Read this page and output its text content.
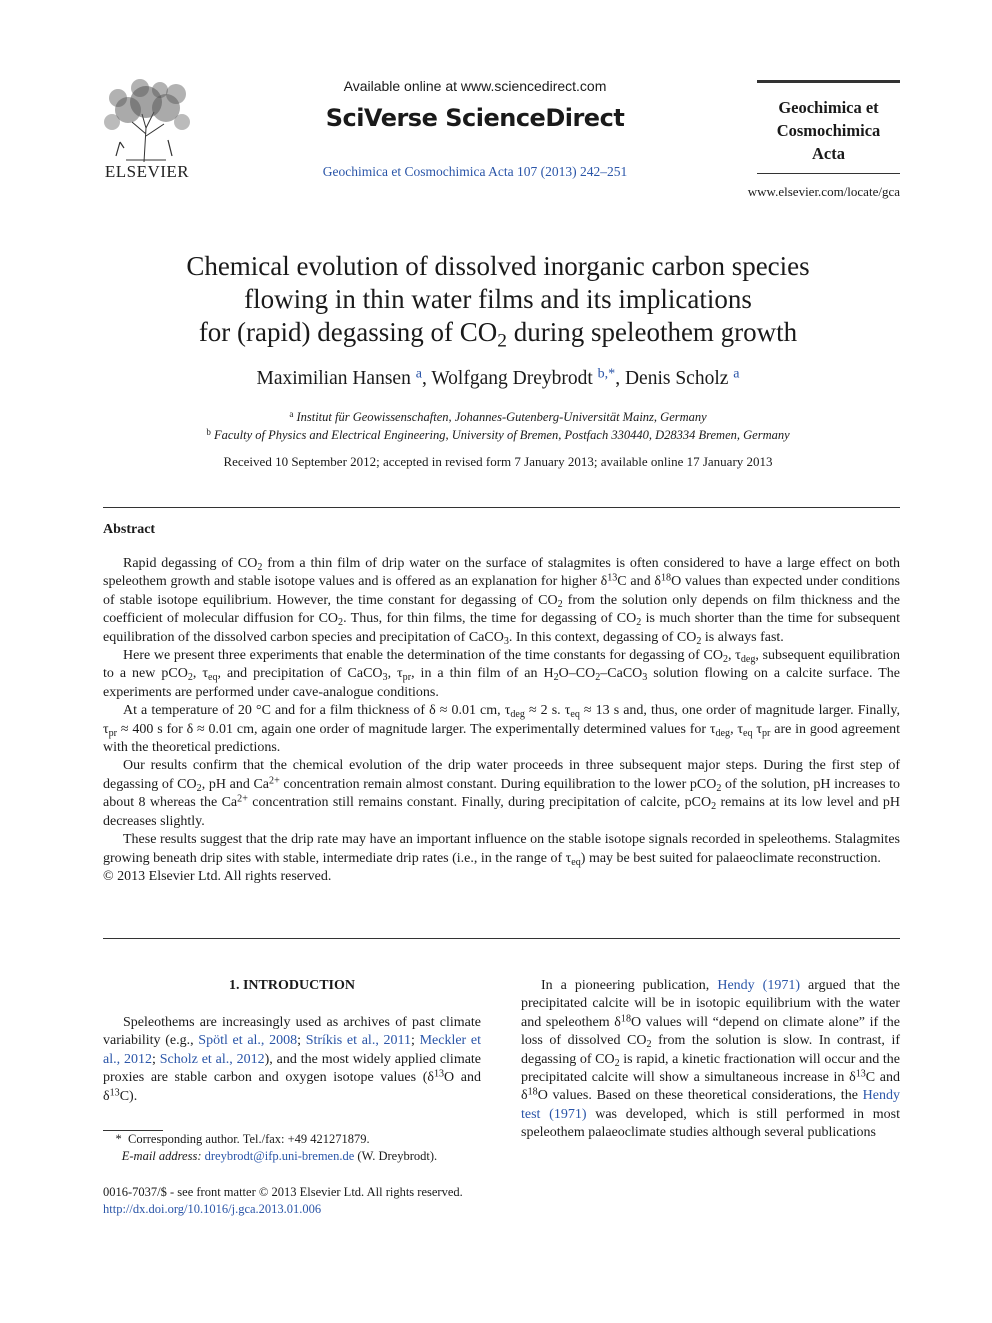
ELSEVIER
Available online at www.sciencedirect.com
SciVerse ScienceDirect
Geochimica et Cosmochimica Acta 107 (2013) 242–251
Geochimica et
Cosmochimica
Acta
www.elsevier.com/locate/gca
Chemical evolution of dissolved inorganic carbon species
flowing in thin water films and its implications
for (rapid) degassing of $CO_2$ during speleothem growth
Maximilian Hansen $^a$, Wolfgang Dreybrodt $^{b,*}$, Denis Scholz $^a$
$^a$ Institut für Geowissenschaften, Johannes-Gutenberg-Universität Mainz, Germany
$^b$ Faculty of Physics and Electrical Engineering, University of Bremen, Postfach 330440, D28334 Bremen, Germany
Received 10 September 2012; accepted in revised form 7 January 2013; available online 17 January 2013
Abstract

Rapid degassing of $CO_2$ from a thin film of drip water on the surface of stalagmites is often considered to have a large effect on both speleothem growth and stable isotope values and is offered as an explanation for higher $\delta^{13}C$ and $\delta^{18}O$ values than expected under conditions of stable isotope equilibrium. However, the time constant for degassing of $CO_2$ from the solution only depends on film thickness and the coefficient of molecular diffusion for $CO_2$. Thus, for thin films, the time for degassing of $CO_2$ is much shorter than the time for subsequent equilibration of the dissolved carbon species and precipitation of CaCO$_3$. In this context, degassing of $CO_2$ is always fast.

Here we present three experiments that enable the determination of the time constants for degassing of $CO_2$, $\tau_{deg}$, subsequent equilibration to a new pCO$_2$, $\tau_{eq}$, and precipitation of CaCO$_3$, $\tau_{pr}$, in a thin film of an $H_2O-CO_2-CaCO_3$ solution flowing on a calcite surface. The experiments are performed under cave-analogue conditions.

At a temperature of 20 °C and for a film thickness of δ ≈ 0.01 cm, $\tau_{deg} \approx 2$ s. $\tau_{eq} \approx 13$ s and, thus, one order of magnitude larger. Finally, $\tau_{pr} \approx 400$ s for δ ≈ 0.01 cm, again one order of magnitude larger. The experimentally determined values for $\tau_{deg}$, $\tau_{eq}$ $\tau_{pr}$ are in good agreement with the theoretical predictions.

Our results confirm that the chemical evolution of the drip water proceeds in three subsequent major steps. During the first step of degassing of $CO_2$, pH and $Ca^{2+}$ concentration remain almost constant. During equilibration to the lower pCO$_2$ of the solution, pH increases to about 8 whereas the $Ca^{2+}$ concentration still remains constant. Finally, during precipitation of calcite, pCO$_2$ remains at its low level and pH decreases slightly.

These results suggest that the drip rate may have an important influence on the stable isotope signals recorded in speleothems. Stalagmites growing beneath drip sites with stable, intermediate drip rates (i.e., in the range of $\tau_{eq}$) may be best suited for palaeoclimate reconstruction.

© 2013 Elsevier Ltd. All rights reserved.

1. INTRODUCTION

Speleothems are increasingly used as archives of past climate variability (e.g., Spötl et al., 2008; Stríkis et al., 2011; Meckler et al., 2012; Scholz et al., 2012), and the most widely applied climate proxies are stable carbon and oxygen isotope values ($\delta^{13}O$ and $\delta^{13}C$).

*  Corresponding author. Tel./fax: +49 421271879.
E-mail address: dreybrodt@ifp.uni-bremen.de (W. Dreybrodt).

In a pioneering publication, Hendy (1971) argued that the precipitated calcite will be in isotopic equilibrium with the water and speleothem $\delta^{18}O$ values will “depend on climate alone” if the loss of dissolved $CO_2$ from the solution is slow. In contrast, if degassing of $CO_2$ is rapid, a kinetic fractionation will occur and the precipitated calcite will show a simultaneous increase in $\delta^{13}C$ and $\delta^{18}O$ values. Based on these theoretical considerations, the Hendy test (1971) was developed, which is still performed in most speleothem palaeoclimate studies although several publications

0016-7037/$ - see front matter © 2013 Elsevier Ltd. All rights reserved.
http://dx.doi.org/10.1016/j.gca.2013.01.006
